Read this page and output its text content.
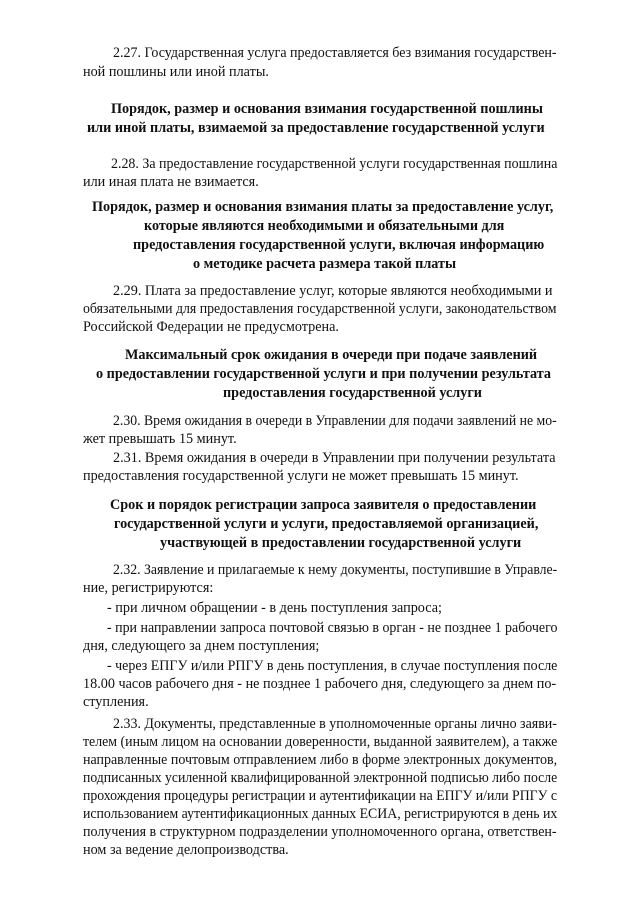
2.27. Государственная услуга предоставляется без взимания государствен-
ной пошлины или иной платы.
Порядок, размер и основания взимания государственной пошлины
или иной платы, взимаемой за предоставление государственной услуги
2.28. За предоставление государственной услуги государственная пошлина
или иная плата не взимается.
Порядок, размер и основания взимания платы за предоставление услуг,
которые являются необходимыми и обязательными для
предоставления государственной услуги, включая информацию
о методике расчета размера такой платы
2.29. Плата за предоставление услуг, которые являются необходимыми и
обязательными для предоставления государственной услуги, законодательством
Российской Федерации не предусмотрена.
Максимальный срок ожидания в очереди при подаче заявлений
о предоставлении государственной услуги и при получении результата
предоставления государственной услуги
2.30. Время ожидания в очереди в Управлении для подачи заявлений не мо-
жет превышать 15 минут.
2.31. Время ожидания в очереди в Управлении при получении результата
предоставления государственной услуги не может превышать 15 минут.
Срок и порядок регистрации запроса заявителя о предоставлении
государственной услуги и услуги, предоставляемой организацией,
участвующей в предоставлении государственной услуги
2.32. Заявление и прилагаемые к нему документы, поступившие в Управле-
ние, регистрируются:
- при личном обращении - в день поступления запроса;
- при направлении запроса почтовой связью в орган - не позднее 1 рабочего
дня, следующего за днем поступления;
- через ЕПГУ и/или РПГУ в день поступления, в случае поступления после
18.00 часов рабочего дня - не позднее 1 рабочего дня, следующего за днем по-
ступления.
2.33. Документы, представленные в уполномоченные органы лично заяви-
телем (иным лицом на основании доверенности, выданной заявителем), а также
направленные почтовым отправлением либо в форме электронных документов,
подписанных усиленной квалифицированной электронной подписью либо после
прохождения процедуры регистрации и аутентификации на ЕПГУ и/или РПГУ с
использованием аутентификационных данных ЕСИА, регистрируются в день их
получения в структурном подразделении уполномоченного органа, ответствен-
ном за ведение делопроизводства.
